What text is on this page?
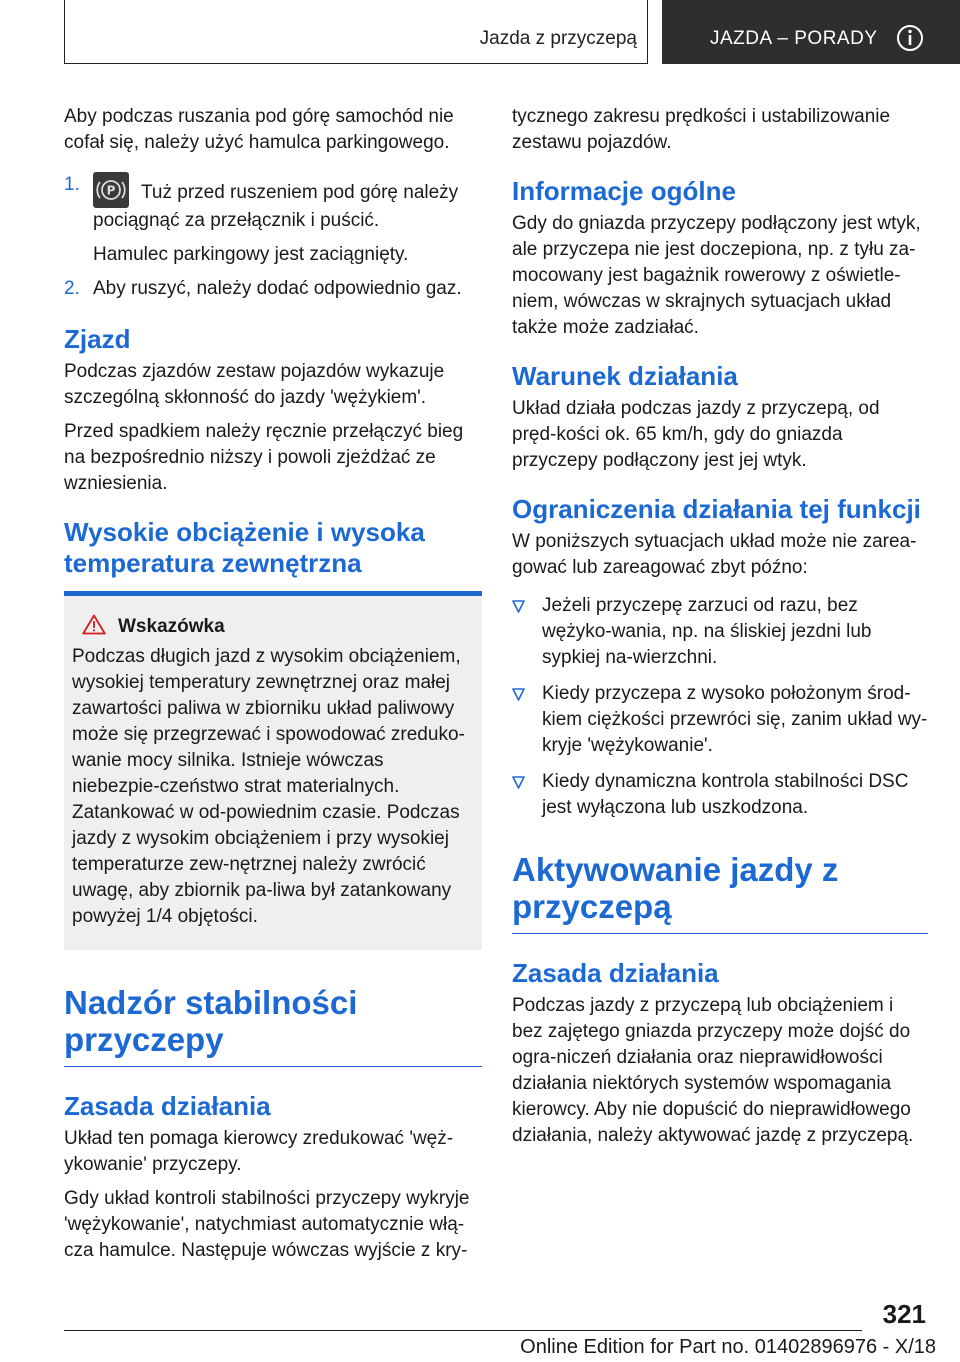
Jazda z przyczepą	JAZDA – PORADY

Aby podczas ruszania pod górę samochód nie cofał się, należy użyć hamulca parkingowego.

1. P Tuż przed ruszeniem pod górę należy pociągnąć za przełącznik i puścić.

Hamulec parkingowy jest zaciągnięty.

2. Aby ruszyć, należy dodać odpowiednio gaz.
Zjazd

Podczas zjazdów zestaw pojazdów wykazuje szczególną skłonność do jazdy 'wężykiem'.

Przed spadkiem należy ręcznie przełączyć bieg na bezpośrednio niższy i powoli zjeżdżać ze wzniesienia.

Wysokie obciążenie i wysoka temperatura zewnętrzna
Wskazówka

Podczas długich jazd z wysokim obciążeniem, wysokiej temperatury zewnętrznej oraz małej zawartości paliwa w zbiorniku układ paliwowy może się przegrzewać i spowodować zreduko-wanie mocy silnika. Istnieje wówczas niebezpie-czeństwo strat materialnych. Zatankować w od-powiednim czasie. Podczas jazdy z wysokim obciążeniem i przy wysokiej temperaturze zew-nętrznej należy zwrócić uwagę, aby zbiornik pa-liwa był zatankowany powyżej 1/4 objętości.

Nadzór stabilności przyczepy
Zasada działania

Układ ten pomaga kierowcy zredukować 'węż-ykowanie' przyczepy.

Gdy układ kontroli stabilności przyczepy wykryje 'wężykowanie', natychmiast automatycznie włą-cza hamulce. Następuje wówczas wyjście z kry-

tycznego zakresu prędkości i ustabilizowanie zestawu pojazdów.

Informacje ogólne

Gdy do gniazda przyczepy podłączony jest wtyk, ale przyczepa nie jest doczepiona, np. z tyłu za-mocowany jest bagażnik rowerowy z oświetle-niem, wówczas w skrajnych sytuacjach układ także może zadziałać.

Warunek działania

Układ działa podczas jazdy z przyczepą, od pręd-kości ok. 65 km/h, gdy do gniazda przyczepy podłączony jest jej wtyk.

Ograniczenia działania tej funkcji

W poniższych sytuacjach układ może nie zarea-gować lub zareagować zbyt późno:

Jeżeli przyczepę zarzuci od razu, bez wężyko-wania, np. na śliskiej jezdni lub sypkiej na-wierzchni.
Kiedy przyczepa z wysoko położonym środ-kiem ciężkości przewróci się, zanim układ wy-kryje 'wężykowanie'.
Kiedy dynamiczna kontrola stabilności DSC jest wyłączona lub uszkodzona.
Aktywowanie jazdy z przyczepą
Zasada działania

Podczas jazdy z przyczepą lub obciążeniem i bez zajętego gniazda przyczepy może dojść do ogra-niczeń działania oraz nieprawidłowości działania niektórych systemów wspomagania kierowcy. Aby nie dopuścić do nieprawidłowego działania, należy aktywować jazdę z przyczepą.

321
Online Edition for Part no. 01402896976 - X/18
